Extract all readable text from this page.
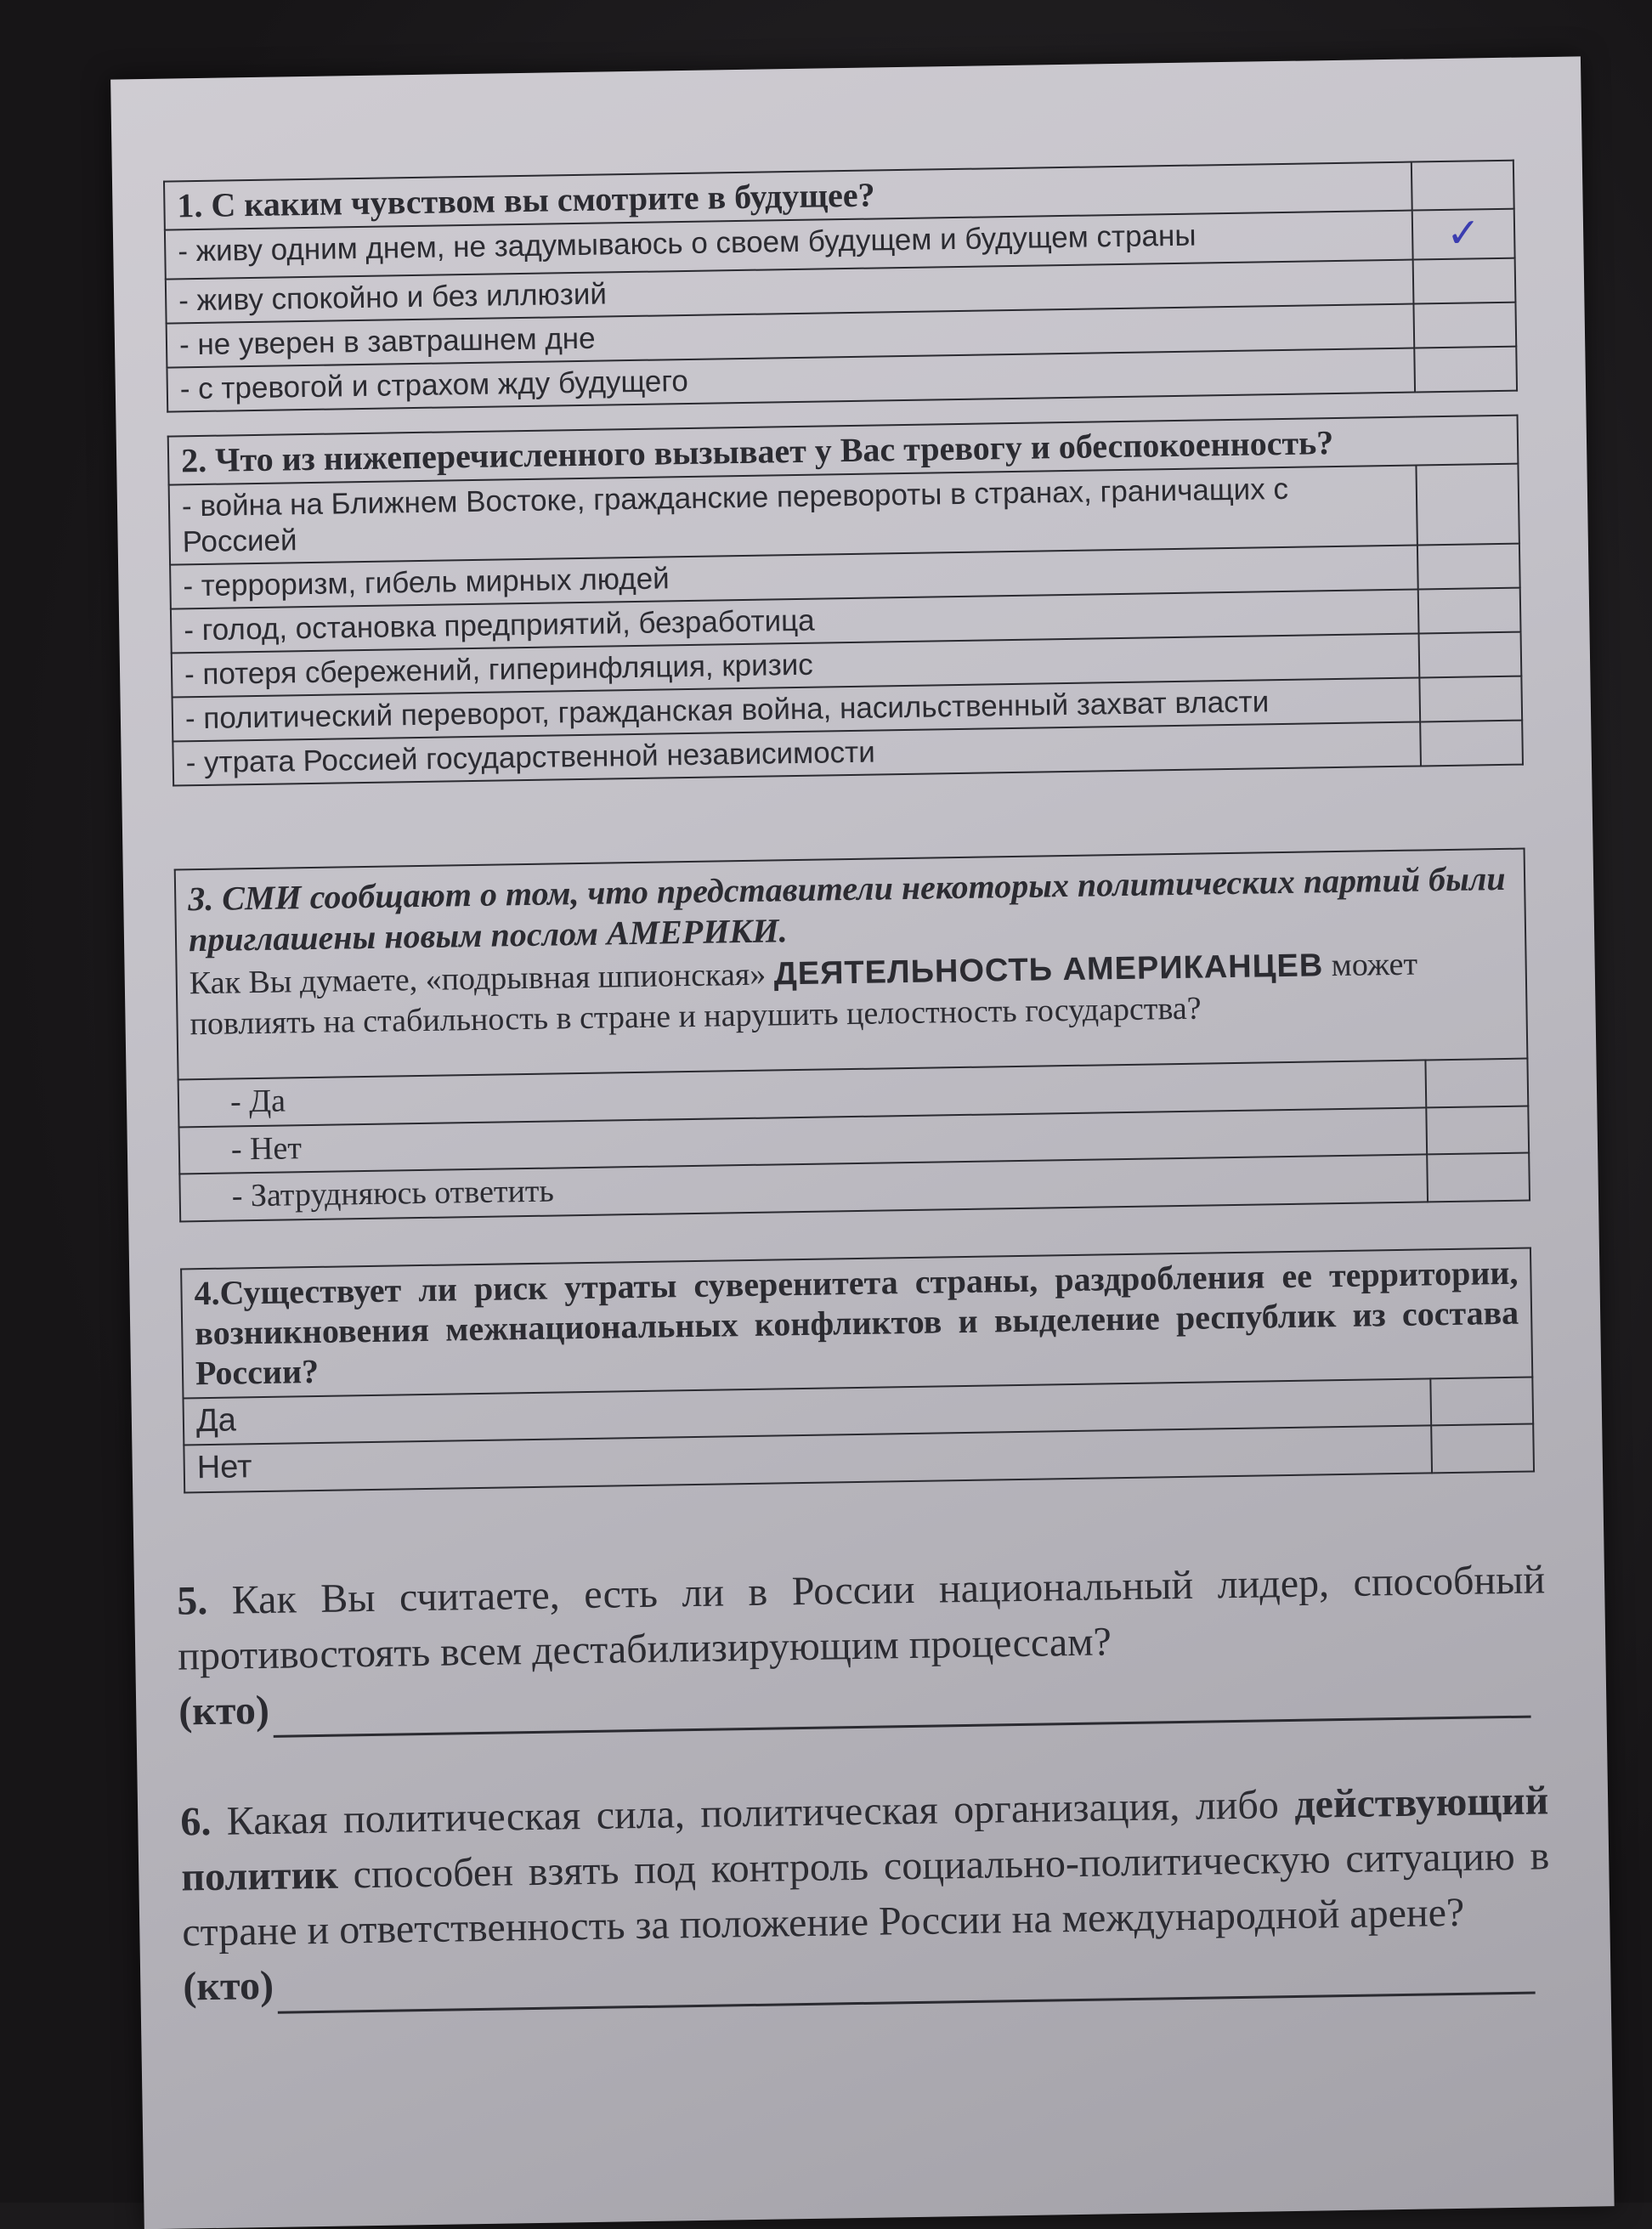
1. С каким чувством вы смотрите в будущее?	
- живу одним днем, не задумываюсь о своем будущем и будущем страны	✓
- живу спокойно и без иллюзий	
- не уверен в завтрашнем дне	
- с тревогой и страхом жду будущего	
2. Что из нижеперечисленного вызывает у Вас тревогу и обеспокоенность?	
- война на Ближнем Востоке, гражданские перевороты в странах, граничащих с Россией	
- терроризм, гибель мирных людей	
- голод, остановка предприятий, безработица	
- потеря сбережений, гиперинфляция, кризис	
- политический переворот, гражданская война, насильственный захват власти	
- утрата Россией государственной независимости	
3. СМИ сообщают о том, что представители некоторых политических партий были приглашены новым послом АМЕРИКИ.
Как Вы думаете, «подрывная шпионская» ДЕЯТЕЛЬНОСТЬ АМЕРИКАНЦЕВ может повлиять на стабильность в стране и нарушить целостность государства?	

- Да	
- Нет	
- Затрудняюсь ответить	
4.Существует ли риск утраты суверенитета страны, раздробления ее территории, возникновения межнациональных конфликтов и выделение республик из состава России?	
Да	
Нет	
5. Как Вы считаете, есть ли в России национальный лидер, способный противостоять всем дестабилизирующим процессам?
(кто)
6. Какая политическая сила, политическая организация, либо действующий политик способен взять под контроль социально-политическую ситуацию в стране и ответственность за положение России на международной арене?
(кто)
